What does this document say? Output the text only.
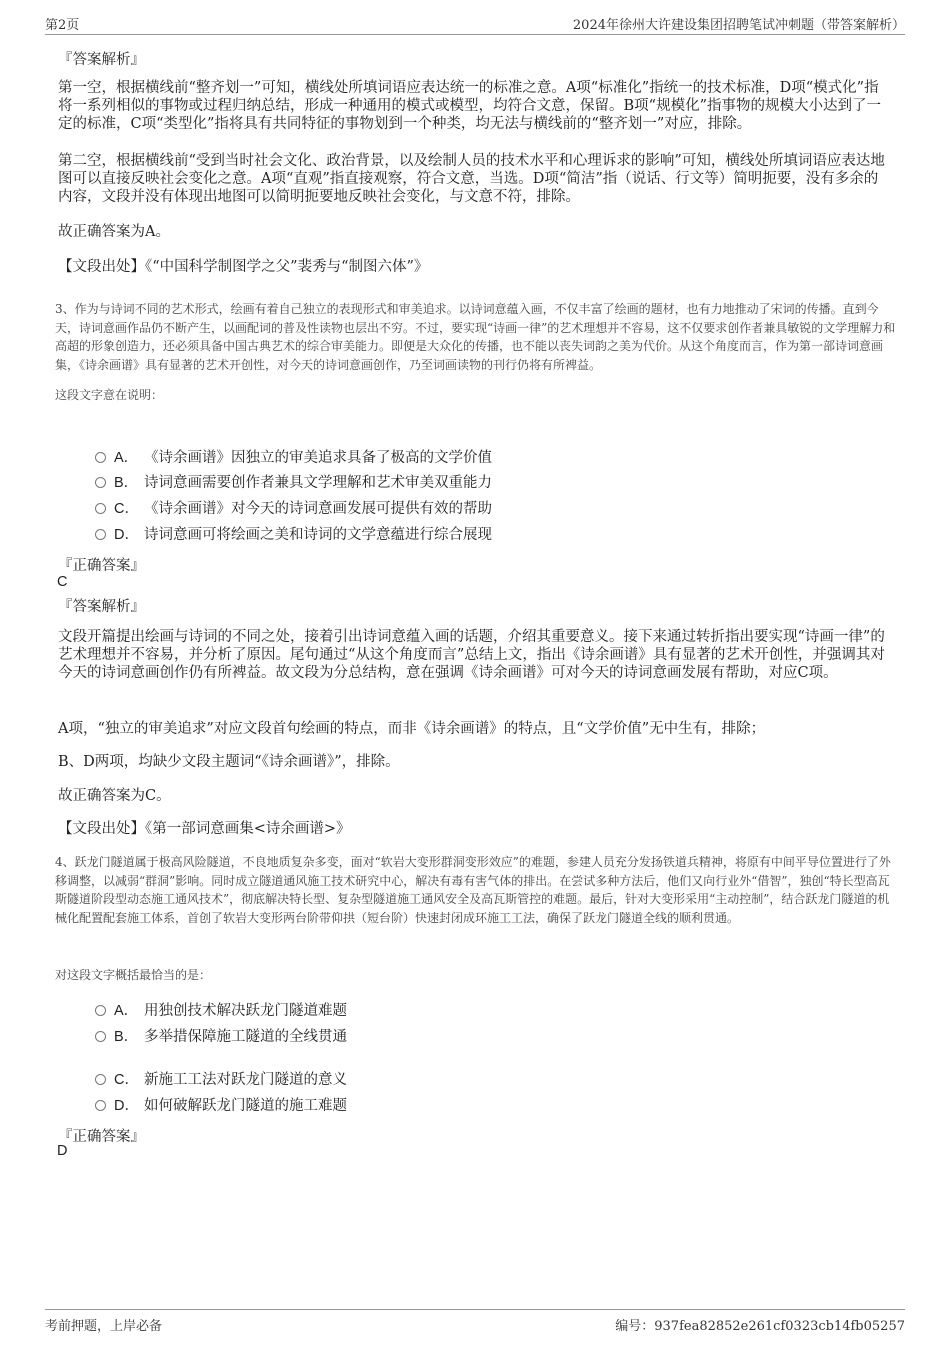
第2页	2024年徐州大许建设集团招聘笔试冲刺题（带答案解析）
『答案解析』
第一空，根据横线前“整齐划一”可知，横线处所填词语应表达统一的标准之意。A项“标准化”指统一的技术标准，D项“模式化”指将一系列相似的事物或过程归纳总结，形成一种通用的模式或模型，均符合文意，保留。B项“规模化”指事物的规模大小达到了一定的标准，C项“类型化”指将具有共同特征的事物划到一个种类，均无法与横线前的“整齐划一”对应，排除。
第二空，根据横线前“受到当时社会文化、政治背景，以及绘制人员的技术水平和心理诉求的影响”可知，横线处所填词语应表达地图可以直接反映社会变化之意。A项“直观”指直接观察，符合文意，当选。D项“简洁”指（说话、行文等）简明扼要，没有多余的内容，文段并没有体现出地图可以简明扼要地反映社会变化，与文意不符，排除。
故正确答案为A。
【文段出处】《“中国科学制图学之父”裴秀与“制图六体”》
3、作为与诗词不同的艺术形式，绘画有着自己独立的表现形式和审美追求。以诗词意蕴入画，不仅丰富了绘画的题材，也有力地推动了宋词的传播。直到今天，诗词意画作品仍不断产生，以画配词的普及性读物也层出不穷。不过，要实现“诗画一律”的艺术理想并不容易，这不仅要求创作者兼具敏锐的文学理解力和高超的形象创造力，还必须具备中国古典艺术的综合审美能力。即便是大众化的传播，也不能以丧失词韵之美为代价。从这个角度而言，作为第一部诗词意画集，《诗余画谱》具有显著的艺术开创性，对今天的诗词意画创作，乃至词画读物的刊行仍将有所裨益。
这段文字意在说明：
A． 《诗余画谱》因独立的审美追求具备了极高的文学价值
B． 诗词意画需要创作者兼具文学理解和艺术审美双重能力
C． 《诗余画谱》对今天的诗词意画发展可提供有效的帮助
D． 诗词意画可将绘画之美和诗词的文学意蕴进行综合展现
『正确答案』
C
『答案解析』
文段开篇提出绘画与诗词的不同之处，接着引出诗词意蕴入画的话题，介绍其重要意义。接下来通过转折指出要实现“诗画一律”的艺术理想并不容易，并分析了原因。尾句通过“从这个角度而言”总结上文，指出《诗余画谱》具有显著的艺术开创性，并强调其对今天的诗词意画创作仍有所裨益。故文段为分总结构，意在强调《诗余画谱》可对今天的诗词意画发展有帮助，对应C项。
A项，“独立的审美追求”对应文段首句绘画的特点，而非《诗余画谱》的特点，且“文学价值”无中生有，排除；
B、D两项，均缺少文段主题词“《诗余画谱》”，排除。
故正确答案为C。
【文段出处】《第一部词意画集<诗余画谱>》
4、跃龙门隧道属于极高风险隧道，不良地质复杂多变，面对“软岩大变形群洞变形效应”的难题，参建人员充分发扬铁道兵精神，将原有中间平导位置进行了外移调整，以减弱“群洞”影响。同时成立隧道通风施工技术研究中心，解决有毒有害气体的排出。在尝试多种方法后，他们又向行业外“借智”，独创“特长型高瓦斯隧道阶段型动态施工通风技术”，彻底解决特长型、复杂型隧道施工通风安全及高瓦斯管控的难题。最后，针对大变形采用“主动控制”，结合跃龙门隧道的机械化配置配套施工体系，首创了软岩大变形两台阶带仰拱（短台阶）快速封闭成环施工工法，确保了跃龙门隧道全线的顺利贯通。
对这段文字概括最恰当的是：
A． 用独创技术解决跃龙门隧道难题
B． 多举措保障施工隧道的全线贯通
C． 新施工工法对跃龙门隧道的意义
D． 如何破解跃龙门隧道的施工难题
『正确答案』
D
考前押题，上岸必备	编号：937fea82852e261cf0323cb14fb05257
